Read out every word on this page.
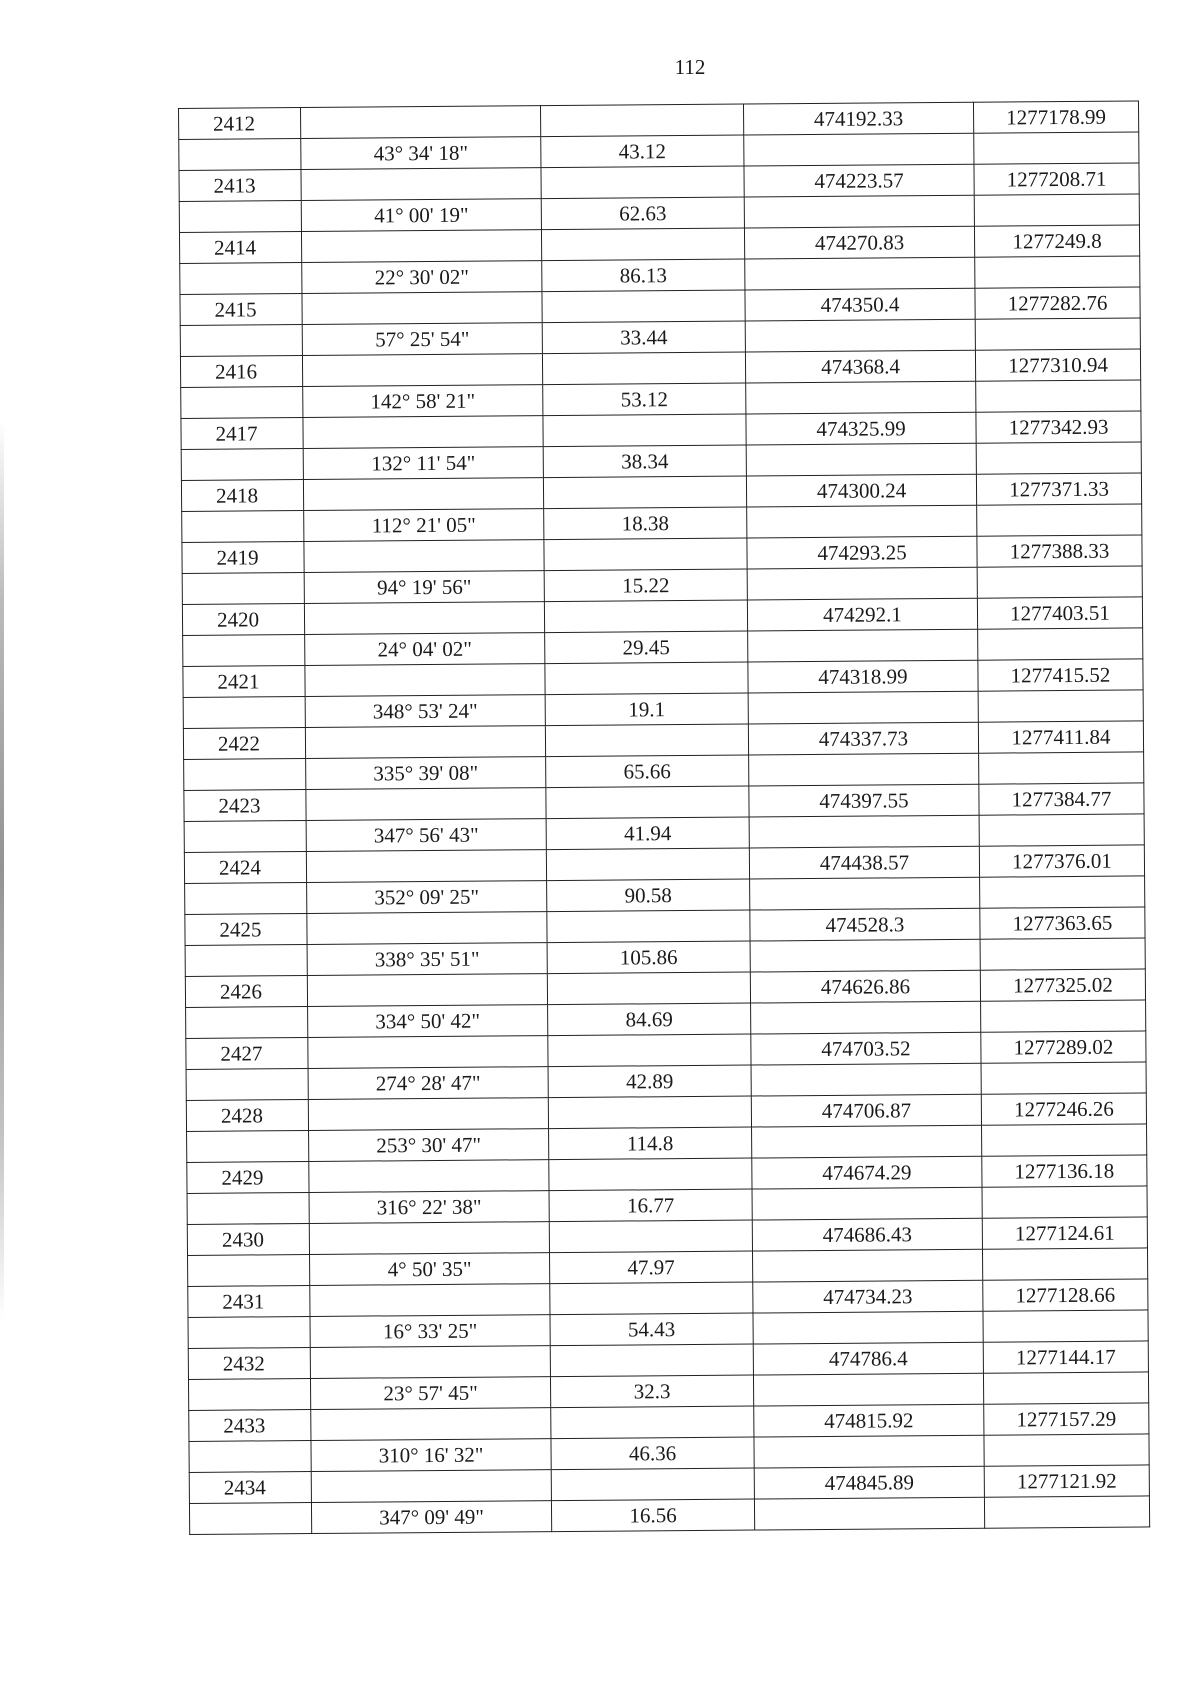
112
2412			474192.33	1277178.99
	43° 34' 18"	43.12		
2413			474223.57	1277208.71
	41° 00' 19"	62.63		
2414			474270.83	1277249.8
	22° 30' 02"	86.13		
2415			474350.4	1277282.76
	57° 25' 54"	33.44		
2416			474368.4	1277310.94
	142° 58' 21"	53.12		
2417			474325.99	1277342.93
	132° 11' 54"	38.34		
2418			474300.24	1277371.33
	112° 21' 05"	18.38		
2419			474293.25	1277388.33
	94° 19' 56"	15.22		
2420			474292.1	1277403.51
	24° 04' 02"	29.45		
2421			474318.99	1277415.52
	348° 53' 24"	19.1		
2422			474337.73	1277411.84
	335° 39' 08"	65.66		
2423			474397.55	1277384.77
	347° 56' 43"	41.94		
2424			474438.57	1277376.01
	352° 09' 25"	90.58		
2425			474528.3	1277363.65
	338° 35' 51"	105.86		
2426			474626.86	1277325.02
	334° 50' 42"	84.69		
2427			474703.52	1277289.02
	274° 28' 47"	42.89		
2428			474706.87	1277246.26
	253° 30' 47"	114.8		
2429			474674.29	1277136.18
	316° 22' 38"	16.77		
2430			474686.43	1277124.61
	4° 50' 35"	47.97		
2431			474734.23	1277128.66
	16° 33' 25"	54.43		
2432			474786.4	1277144.17
	23° 57' 45"	32.3		
2433			474815.92	1277157.29
	310° 16' 32"	46.36		
2434			474845.89	1277121.92
	347° 09' 49"	16.56		
